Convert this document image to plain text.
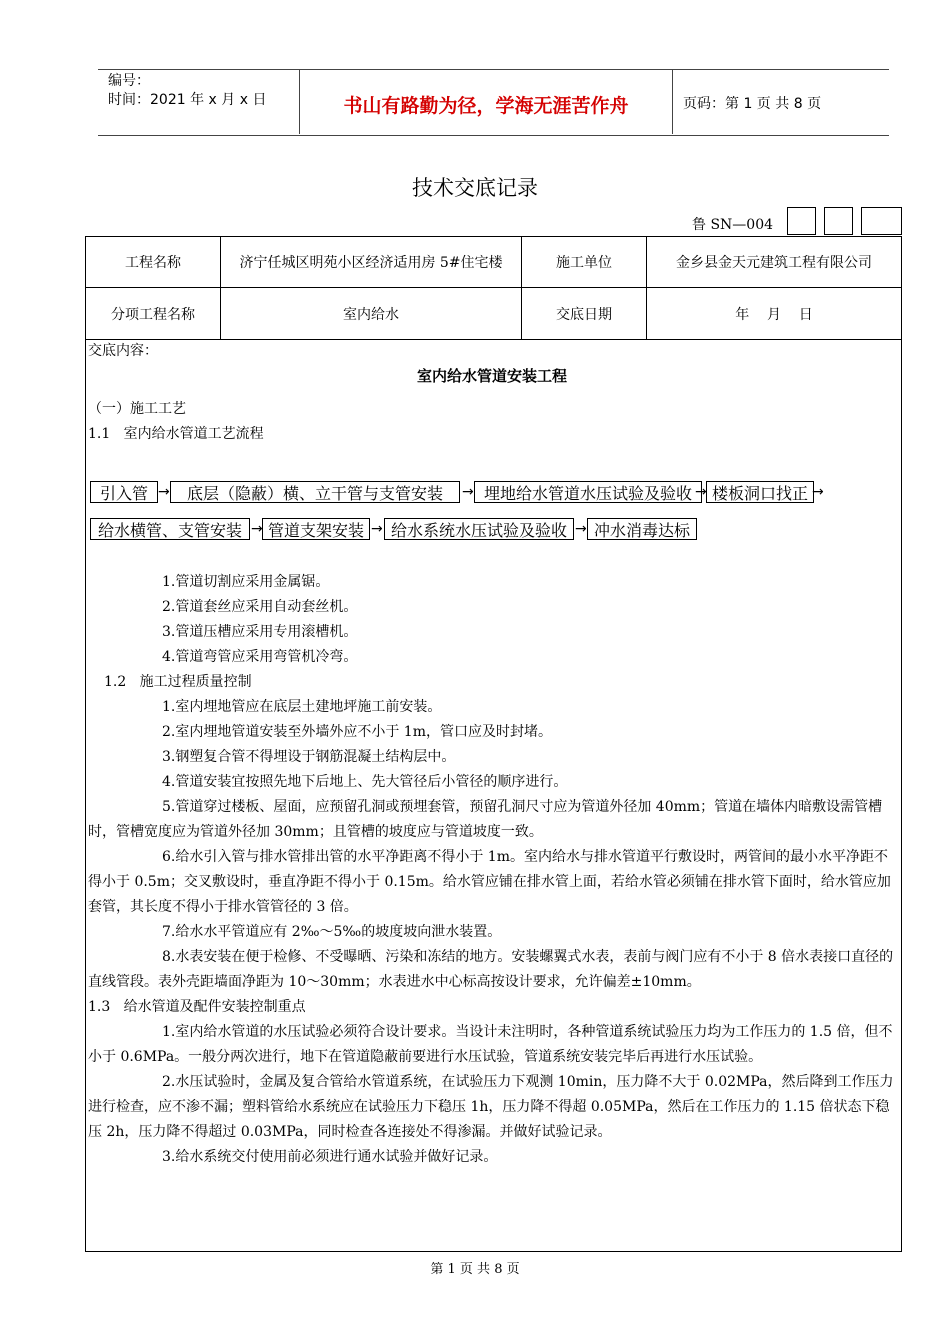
编号：
时间：2021 年 x 月 x 日	书山有路勤为径，学海无涯苦作舟	页码：第 1 页 共 8 页
技术交底记录
鲁 SN—004
工程名称	济宁任城区明苑小区经济适用房 5#住宅楼	施工单位	金乡县金天元建筑工程有限公司
分项工程名称	室内给水	交底日期	年    月    日

交底内容：

室内给水管道安装工程

（一）施工工艺

1.1   室内给水管道工艺流程

引入管 →	底层（隐蔽）横、立干管与支管安装	→ 埋地给水管道水压试验及验收 → 楼板洞口找正 →
给水横管、支管安装 → 管道支架安装 → 给水系统水压试验及验收 → 冲水消毒达标

1.管道切割应采用金属锯。

2.管道套丝应采用自动套丝机。

3.管道压槽应采用专用滚槽机。

4.管道弯管应采用弯管机冷弯。

1.2   施工过程质量控制

1.室内埋地管应在底层土建地坪施工前安装。

2.室内埋地管道安装至外墙外应不小于 1m，管口应及时封堵。

3.钢塑复合管不得埋设于钢筋混凝土结构层中。

4.管道安装宜按照先地下后地上、先大管径后小管径的顺序进行。

5.管道穿过楼板、屋面，应预留孔洞或预埋套管，预留孔洞尺寸应为管道外径加 40mm；管道在墙体内暗敷设需管槽时，管槽宽度应为管道外径加 30mm；且管槽的坡度应与管道坡度一致。

6.给水引入管与排水管排出管的水平净距离不得小于 1m。室内给水与排水管道平行敷设时，两管间的最小水平净距不得小于 0.5m；交叉敷设时，垂直净距不得小于 0.15m。给水管应铺在排水管上面，若给水管必须铺在排水管下面时，给水管应加套管，其长度不得小于排水管管径的 3 倍。

7.给水水平管道应有 2‰～5‰的坡度坡向泄水装置。

8.水表安装在便于检修、不受曝晒、污染和冻结的地方。安装螺翼式水表，表前与阀门应有不小于 8 倍水表接口直径的直线管段。表外壳距墙面净距为 10～30mm；水表进水中心标高按设计要求，允许偏差±10mm。

1.3   给水管道及配件安装控制重点

1.室内给水管道的水压试验必须符合设计要求。当设计未注明时，各种管道系统试验压力均为工作压力的 1.5 倍，但不小于 0.6MPa。一般分两次进行，地下在管道隐蔽前要进行水压试验，管道系统安装完毕后再进行水压试验。

2.水压试验时，金属及复合管给水管道系统，在试验压力下观测 10min，压力降不大于 0.02MPa，然后降到工作压力进行检查，应不渗不漏；塑料管给水系统应在试验压力下稳压 1h，压力降不得超 0.05MPa，然后在工作压力的 1.15 倍状态下稳压 2h，压力降不得超过 0.03MPa，同时检查各连接处不得渗漏。并做好试验记录。

3.给水系统交付使用前必须进行通水试验并做好记录。

第 1 页 共 8 页
